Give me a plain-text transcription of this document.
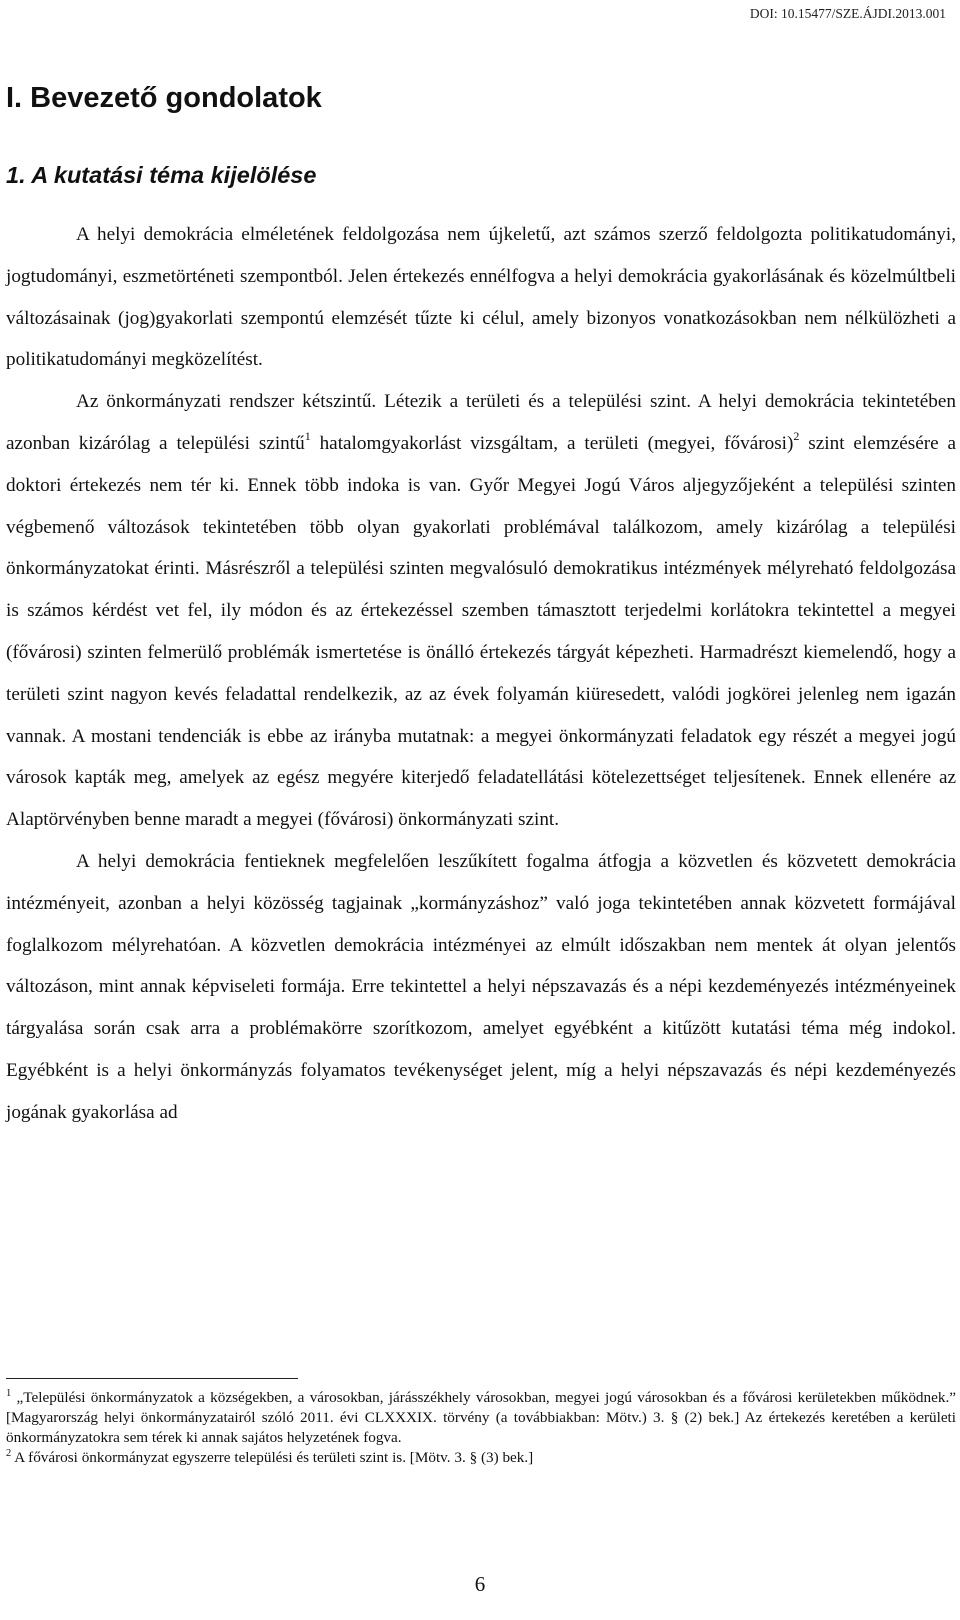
DOI: 10.15477/SZE.ÁJDI.2013.001
I. Bevezető gondolatok
1. A kutatási téma kijelölése

A helyi demokrácia elméletének feldolgozása nem újkeletű, azt számos szerző feldolgozta politikatudományi, jogtudományi, eszmetörténeti szempontból. Jelen értekezés ennélfogva a helyi demokrácia gyakorlásának és közelmúltbeli változásainak (jog)gyakorlati szempontú elemzését tűzte ki célul, amely bizonyos vonatkozásokban nem nélkülözheti a politikatudományi megközelítést.

Az önkormányzati rendszer kétszintű. Létezik a területi és a települési szint. A helyi demokrácia tekintetében azonban kizárólag a települési szintű$^1$ hatalomgyakorlást vizsgáltam, a területi (megyei, fővárosi)$^2$ szint elemzésére a doktori értekezés nem tér ki. Ennek több indoka is van. Győr Megyei Jogú Város aljegyzőjeként a települési szinten végbemenő változások tekintetében több olyan gyakorlati problémával találkozom, amely kizárólag a települési önkormányzatokat érinti. Másrészről a települési szinten megvalósuló demokratikus intézmények mélyreható feldolgozása is számos kérdést vet fel, ily módon és az értekezéssel szemben támasztott terjedelmi korlátokra tekintettel a megyei (fővárosi) szinten felmerülő problémák ismertetése is önálló értekezés tárgyát képezheti. Harmadrészt kiemelendő, hogy a területi szint nagyon kevés feladattal rendelkezik, az az évek folyamán kiüresedett, valódi jogkörei jelenleg nem igazán vannak. A mostani tendenciák is ebbe az irányba mutatnak: a megyei önkormányzati feladatok egy részét a megyei jogú városok kapták meg, amelyek az egész megyére kiterjedő feladatellátási kötelezettséget teljesítenek. Ennek ellenére az Alaptörvényben benne maradt a megyei (fővárosi) önkormányzati szint.

A helyi demokrácia fentieknek megfelelően leszűkített fogalma átfogja a közvetlen és közvetett demokrácia intézményeit, azonban a helyi közösség tagjainak „kormányzáshoz” való joga tekintetében annak közvetett formájával foglalkozom mélyrehatóan. A közvetlen demokrácia intézményei az elmúlt időszakban nem mentek át olyan jelentős változáson, mint annak képviseleti formája. Erre tekintettel a helyi népszavazás és a népi kezdeményezés intézményeinek tárgyalása során csak arra a problémakörre szorítkozom, amelyet egyébként a kitűzött kutatási téma még indokol. Egyébként is a helyi önkormányzás folyamatos tevékenységet jelent, míg a helyi népszavazás és népi kezdeményezés jogának gyakorlása ad

$^1$ „Települési önkormányzatok a községekben, a városokban, járásszékhely városokban, megyei jogú városokban és a fővárosi kerületekben működnek.” [Magyarország helyi önkormányzatairól szóló 2011. évi CLXXXIX. törvény (a továbbiakban: Mötv.) 3. § (2) bek.] Az értekezés keretében a kerületi önkormányzatokra sem térek ki annak sajátos helyzetének fogva.

$^2$ A fővárosi önkormányzat egyszerre települési és területi szint is. [Mötv. 3. § (3) bek.]

6
